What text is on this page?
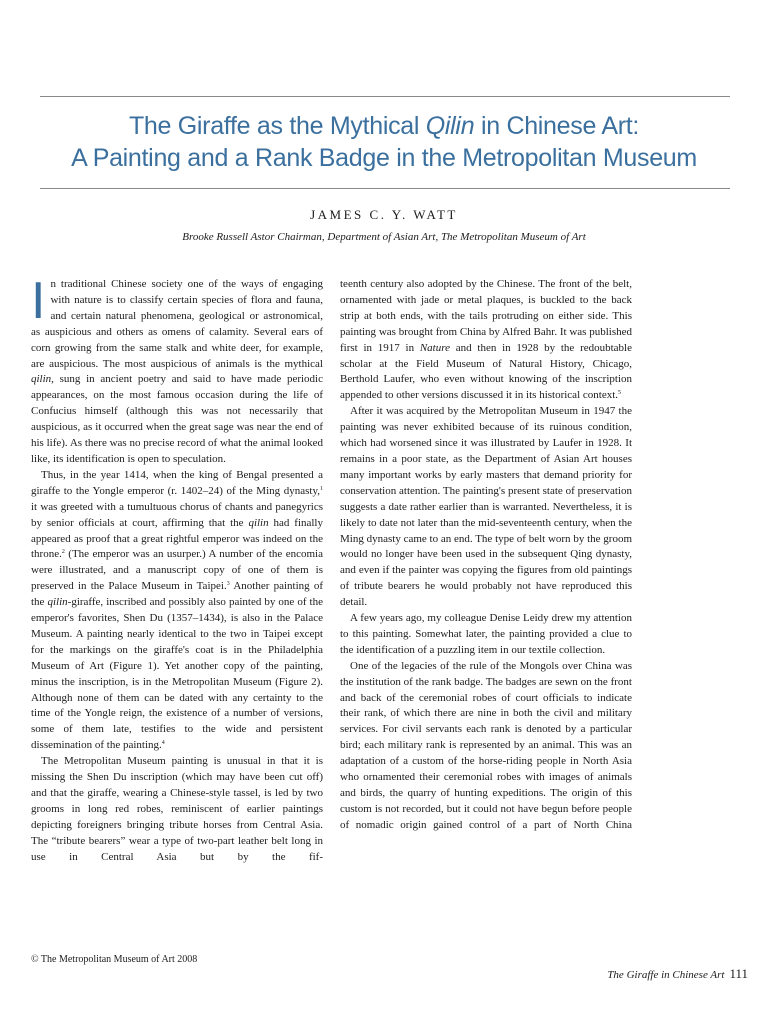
The Giraffe as the Mythical Qilin in Chinese Art:
A Painting and a Rank Badge in the Metropolitan Museum
JAMES C. Y. WATT
Brooke Russell Astor Chairman, Department of Asian Art, The Metropolitan Museum of Art

In traditional Chinese society one of the ways of engaging with nature is to classify certain species of flora and fauna, and certain natural phenomena, geological or astronomical, as auspicious and others as omens of calamity. Several ears of corn growing from the same stalk and white deer, for example, are auspicious. The most auspicious of animals is the mythical qilin, sung in ancient poetry and said to have made periodic appearances, on the most famous occasion during the life of Confucius himself (although this was not necessarily that auspicious, as it occurred when the great sage was near the end of his life). As there was no precise record of what the animal looked like, its identification is open to speculation.

Thus, in the year 1414, when the king of Bengal presented a giraffe to the Yongle emperor (r. 1402–24) of the Ming dynasty,$^1$ it was greeted with a tumultuous chorus of chants and panegyrics by senior officials at court, affirming that the qilin had finally appeared as proof that a great rightful emperor was indeed on the throne.$^2$ (The emperor was an usurper.) A number of the encomia were illustrated, and a manuscript copy of one of them is preserved in the Palace Museum in Taipei.$^3$ Another painting of the qilin-giraffe, inscribed and possibly also painted by one of the emperor's favorites, Shen Du (1357–1434), is also in the Palace Museum. A painting nearly identical to the two in Taipei except for the markings on the giraffe's coat is in the Philadelphia Museum of Art (Figure 1). Yet another copy of the painting, minus the inscription, is in the Metropolitan Museum (Figure 2). Although none of them can be dated with any certainty to the time of the Yongle reign, the existence of a number of versions, some of them late, testifies to the wide and persistent dissemination of the painting.$^4$

The Metropolitan Museum painting is unusual in that it is missing the Shen Du inscription (which may have been cut off) and that the giraffe, wearing a Chinese-style tassel, is led by two grooms in long red robes, reminiscent of earlier paintings depicting foreigners bringing tribute horses from Central Asia. The “tribute bearers” wear a type of two-part leather belt long in use in Central Asia but by the fif-

teenth century also adopted by the Chinese. The front of the belt, ornamented with jade or metal plaques, is buckled to the back strip at both ends, with the tails protruding on either side. This painting was brought from China by Alfred Bahr. It was published first in 1917 in Nature and then in 1928 by the redoubtable scholar at the Field Museum of Natural History, Chicago, Berthold Laufer, who even without knowing of the inscription appended to other versions discussed it in its historical context.$^5$

After it was acquired by the Metropolitan Museum in 1947 the painting was never exhibited because of its ruinous condition, which had worsened since it was illustrated by Laufer in 1928. It remains in a poor state, as the Department of Asian Art houses many important works by early masters that demand priority for conservation attention. The painting's present state of preservation suggests a date rather earlier than is warranted. Nevertheless, it is likely to date not later than the mid-seventeenth century, when the Ming dynasty came to an end. The type of belt worn by the groom would no longer have been used in the subsequent Qing dynasty, and even if the painter was copying the figures from old paintings of tribute bearers he would probably not have reproduced this detail.

A few years ago, my colleague Denise Leidy drew my attention to this painting. Somewhat later, the painting provided a clue to the identification of a puzzling item in our textile collection.

One of the legacies of the rule of the Mongols over China was the institution of the rank badge. The badges are sewn on the front and back of the ceremonial robes of court officials to indicate their rank, of which there are nine in both the civil and military services. For civil servants each rank is denoted by a particular bird; each military rank is represented by an animal. This was an adaptation of a custom of the horse-riding people in North Asia who ornamented their ceremonial robes with images of animals and birds, the quarry of hunting expeditions. The origin of this custom is not recorded, but it could not have begun before people of nomadic origin gained control of a part of North China

© The Metropolitan Museum of Art 2008
The Giraffe in Chinese Art 111
